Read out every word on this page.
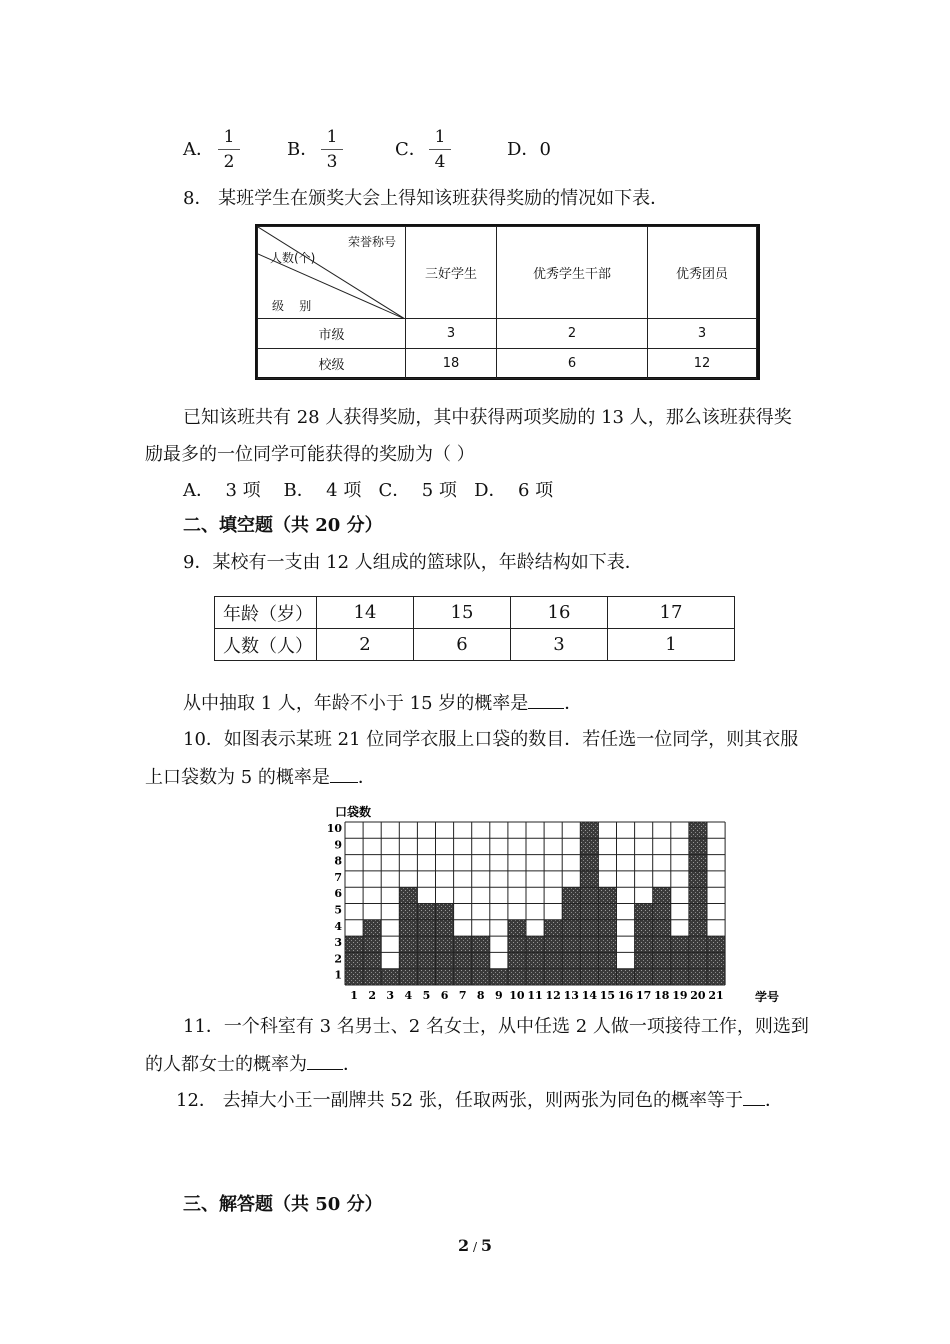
A．
1
2
B．
1
3
C．
1
4
D．0
8． 某班学生在颁奖大会上得知该班获得奖励的情况如下表．
荣誉称号
人数(个)
级    别	三好学生	优秀学生干部	优秀团员
市级	3	2	3
校级	18	6	12
已知该班共有 28 人获得奖励，其中获得两项奖励的 13 人，那么该班获得奖
励最多的一位同学可能获得的奖励为（ ）
A．  3 项    B．  4 项   C．  5 项   D．  6 项
二、填空题（共 20 分）
9．某校有一支由 12 人组成的篮球队，年龄结构如下表．
年龄（岁）	14	15	16	17
人数（人）	2	6	3	1
从中抽取 1 人，年龄不小于 15 岁的概率是 ．
10．如图表示某班 21 位同学衣服上口袋的数目．若任选一位同学，则其衣服
上口袋数为 5 的概率是 ．
口袋数
1
2
3
4
5
6
7
8
9
10
1 2 3 4 5 6 7 8 9 10 11 12 13 14 15 16 17 18 19 20 21	学号
11．一个科室有 3 名男士、2 名女士，从中任选 2 人做一项接待工作，则选到
的人都女士的概率为 ．
12． 去掉大小王一副牌共 52 张，任取两张，则两张为同色的概率等于 ．
三、解答题（共 50 分）
2 / 5
